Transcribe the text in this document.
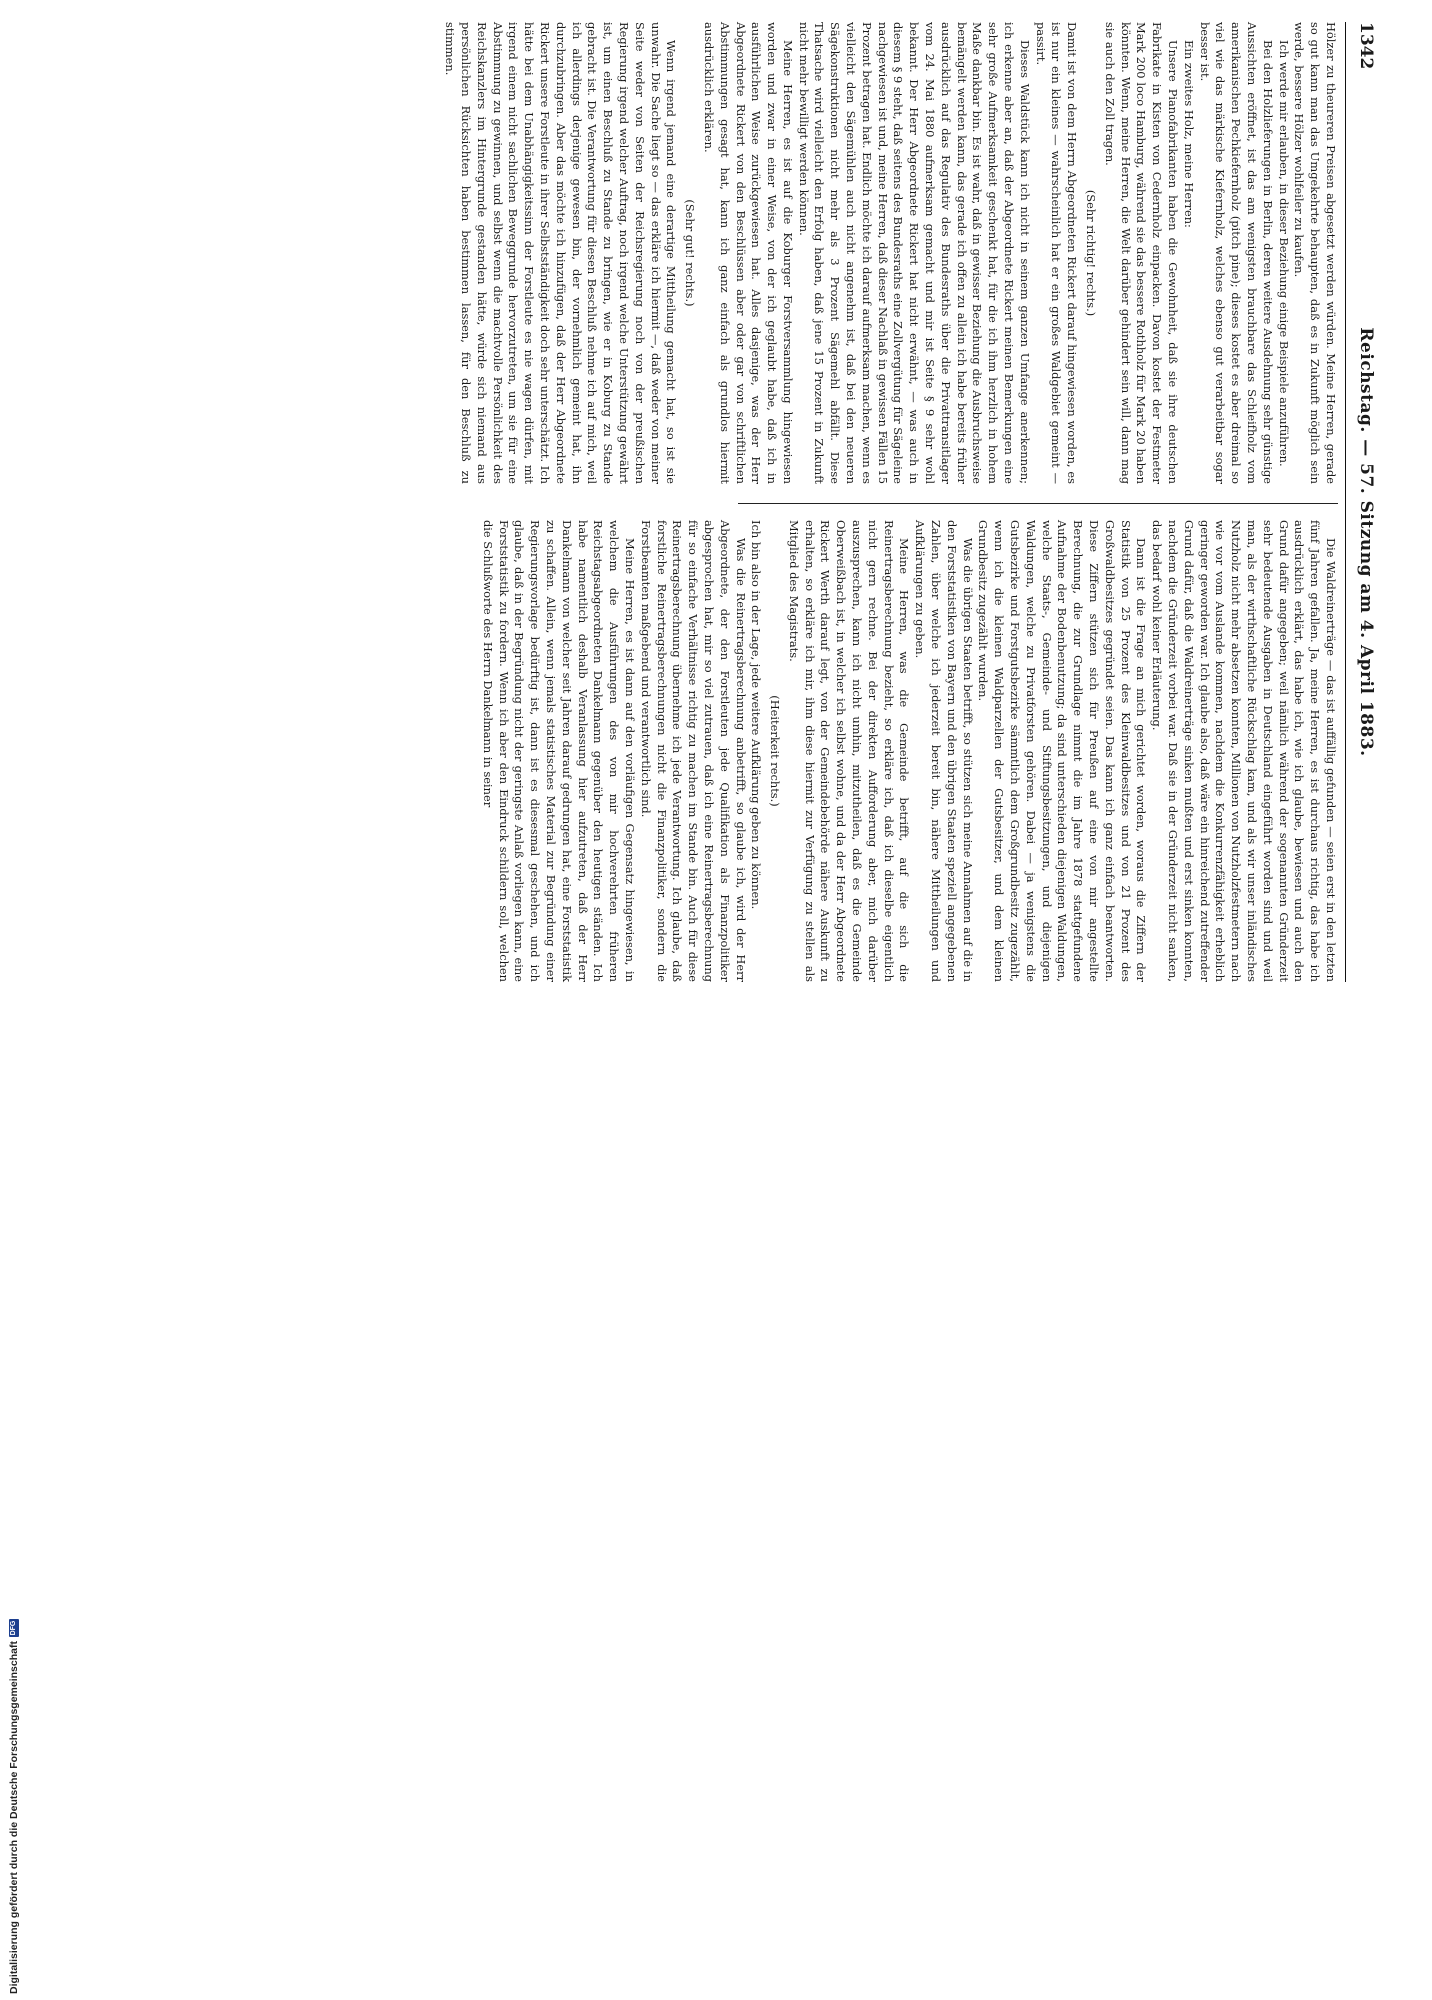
1342
Reichstag. — 57. Sitzung am 4. April 1883.

Hölzer zu theureren Preisen abgesetzt werden würden. Meine Herren, gerade so gut kann man das Umgekehrte behaupten, daß es in Zukunft möglich sein werde, bessere Hölzer wohlfeiler zu kaufen.

Ich werde mir erlauben, in dieser Beziehung einige Beispiele anzuführen.

Bei den Holzlieferungen in Berlin, deren weitere Ausdehnung sehr günstige Aussichten eröffnet, ist das am wenigsten brauchbare das Schleifholz vom amerikanischen Pechkiefernholz (pitch pine); dieses kostet es aber dreimal so viel wie das märkische Kiefernholz, welches ebenso gut verarbeitbar sogar besser ist.

Ein zweites Holz, meine Herren:

Unsere Pianofabrikanten haben die Gewohnheit, daß sie ihre deutschen Fabrikate in Kisten von Cedernholz einpacken. Davon kostet der Festmeter Mark 200 loco Hamburg, während sie das bessere Rothholz für Mark 20 haben könnten. Wenn, meine Herren, die Welt darüber gehindert sein will, dann mag sie auch den Zoll tragen.

(Sehr richtig! rechts.)

Damit ist von dem Herrn Abgeordneten Rickert darauf hingewiesen worden, es ist nur ein kleines — wahrscheinlich hat er ein großes Waldgebiet gemeint — passirt.

Dieses Waldstück kann ich nicht in seinem ganzen Umfange anerkennen; ich erkenne aber an, daß der Abgeordnete Rickert meinen Bemerkungen eine sehr große Aufmerksamkeit geschenkt hat, für die ich ihm herzlich in hohem Maße dankbar bin. Es ist wahr, daß in gewisser Beziehung die Ausbruchsweise bemängelt werden kann, das gerade ich offen zu allein ich habe bereits früher ausdrücklich auf das Regulativ des Bundesraths über die Privattransitlager vom 24. Mai 1880 aufmerksam gemacht und mir ist Seite § 9 sehr wohl bekannt. Der Herr Abgeordnete Rickert hat nicht erwähnt, — was auch in diesem § 9 steht, daß seitens des Bundesraths eine Zollvergütung für Sägeleine nachgewiesen ist und, meine Herren, daß dieser Nachlaß in gewissen Fällen 15 Prozent betragen hat. Endlich möchte ich darauf aufmerksam machen, wenn es vielleicht den Sägemühlen auch nicht angenehm ist, daß bei den neueren Sägekonstruktionen nicht mehr als 3 Prozent Sägemehl abfällt. Diese Thatsache wird vielleicht den Erfolg haben, daß jene 15 Prozent in Zukunft nicht mehr bewilligt werden können.

Meine Herren, es ist auf die Koburger Forstversammlung hingewiesen worden und zwar in einer Weise, von der ich geglaubt habe, daß ich in ausführlichen Weise zurückgewiesen hat. Alles dasjenige, was der Herr Abgeordnete Rickert von den Beschlüssen aber oder gar von schriftlichen Abstimmungen gesagt hat, kann ich ganz einfach als grundlos hiermit ausdrücklich erklären.

(Sehr gut! rechts.)

Wenn irgend jemand eine derartige Mittheilung gemacht hat, so ist sie unwahr. Die Sache liegt so — das erkläre ich hiermit —, daß weder von meiner Seite weder von Seiten der Reichsregierung noch von der preußischen Regierung irgend welcher Auftrag, noch irgend welche Unterstützung gewährt ist, um einen Beschluß zu Stande zu bringen, wie er in Koburg zu Stande gebracht ist. Die Verantwortung für diesen Beschluß nehme ich auf mich, weil ich allerdings derjenige gewesen bin, der vornehmlich gemeint hat, ihn durchzubringen. Aber das möchte ich hinzufügen, daß der Herr Abgeordnete Rickert unsere Forstleute in ihrer Selbstständigkeit doch sehr unterschätzt. Ich hätte bei dem Unabhängigkeitssinn der Forstleute es nie wagen dürfen, mit irgend einem nicht sachlichen Beweggrunde hervorzutreten, um sie für eine Abstimmung zu gewinnen, und selbst wenn die machtvolle Persönlichkeit des Reichskanzlers im Hintergrunde gestanden hätte, würde sich niemand aus persönlichen Rücksichten haben bestimmen lassen, für den Beschluß zu stimmen.

Die Waldreinerträge — das ist auffällig gefunden — seien erst in den letzten fünf Jahren gefallen. Ja, meine Herren, es ist durchaus richtig, das habe ich ausdrücklich erklärt, das habe ich, wie ich glaube, bewiesen und auch den Grund dafür angegeben; weil nämlich während der sogenannten Gründerzeit sehr bedeutende Ausgaben in Deutschland eingeführt worden sind und weil man, als der wirthschaftliche Rückschlag kam, und als wir unser inländisches Nutzholz nicht mehr absetzen konnten, Millionen von Nutzholzfestmetern nach wie vor vom Auslande kommen, nachdem die Konkurrenzfähigkeit erheblich geringer geworden war. Ich glaube also, daß wäre ein hinreichend zutreffender Grund dafür, daß die Waldreinerträge sinken mußten und erst sinken konnten, nachdem die Gründerzeit vorbei war. Daß sie in der Gründerzeit nicht sanken, das bedarf wohl keiner Erläuterung.

Dann ist die Frage an mich gerichtet worden, woraus die Ziffern der Statistik von 25 Prozent des Kleinwaldbesitzes und von 21 Prozent des Großwaldbesitzes gegründet seien. Das kann ich ganz einfach beantworten. Diese Ziffern stützen sich für Preußen auf eine von mir angestellte Berechnung, die zur Grundlage nimmt die im Jahre 1878 stattgefundene Aufnahme der Bodenbenutzung; da sind unterschieden diejenigen Waldungen, welche Staats-, Gemeinde- und Stiftungsbesitzungen, und diejenigen Waldungen, welche zu Privatforsten gehören. Dabei — ja wenigstens die Gutsbezirke und Forstgutsbezirke sämmtlich dem Großgrundbesitz zugezählt, wenn ich die kleinen Waldparzellen der Gutsbesitzer, und dem kleinen Grundbesitz zugezählt wurden.

Was die übrigen Staaten betrifft, so stützen sich meine Annahmen auf die in den Forststatistiken von Bayern und den übrigen Staaten speziell angegebenen Zahlen, über welche ich jederzeit bereit bin, nähere Mittheilungen und Aufklärungen zu geben.

Meine Herren, was die Gemeinde betrifft, auf die sich die Reinertragsberechnung bezieht, so erkläre ich, daß ich dieselbe eigentlich nicht gern rechne. Bei der direkten Aufforderung aber, mich darüber auszusprechen, kann ich nicht umhin, mitzutheilen, daß es die Gemeinde Oberweißbach ist, in welcher ich selbst wohne, und da der Herr Abgeordnete Rickert Werth darauf legt, von der Gemeindebehörde nähere Auskunft zu erhalten, so erkläre ich mir, ihm diese hiermit zur Verfügung zu stellen als Mitglied des Magistrats.

(Heiterkeit rechts.)

Ich bin also in der Lage, jede weitere Aufklärung geben zu können.

Was die Reinertragsberechnung anbetrifft, so glaube ich, wird der Herr Abgeordnete, der den Forstleuten jede Qualifikation als Finanzpolitiker abgesprochen hat, mir so viel zutrauen, daß ich eine Reinertragsberechnung für so einfache Verhältnisse richtig zu machen im Stande bin. Auch für diese Reinertragsberechnung übernehme ich jede Verantwortung. Ich glaube, daß forstliche Reinertragsberechnungen nicht die Finanzpolitiker, sondern die Forstbeamten maßgebend und verantwortlich sind.

Meine Herren, es ist dann auf den vorläufigen Gegensatz hingewiesen, in welchem die Ausführungen des von mir hochverehrten früheren Reichstagsabgeordneten Dankelmann gegenüber den heutigen ständen. Ich habe namentlich deshalb Veranlassung hier aufzutreten, daß der Herr Dankelmann von welcher seit Jahren darauf gedrungen hat, eine Forststatistik zu schaffen. Allein, wenn jemals statistisches Material zur Begründung einer Regierungsvorlage bedürftig ist, dann ist es diesesmal geschehen, und ich glaube, daß in der Begründung nicht der geringste Anlaß vorliegen kann, eine Forststatistik zu fordern. Wenn ich aber den Eindruck schildern soll, welchen die Schlußworte des Herrn Dankelmann in seiner

Digitalisierung gefördert durch die Deutsche Forschungsgemeinschaft
DFG
